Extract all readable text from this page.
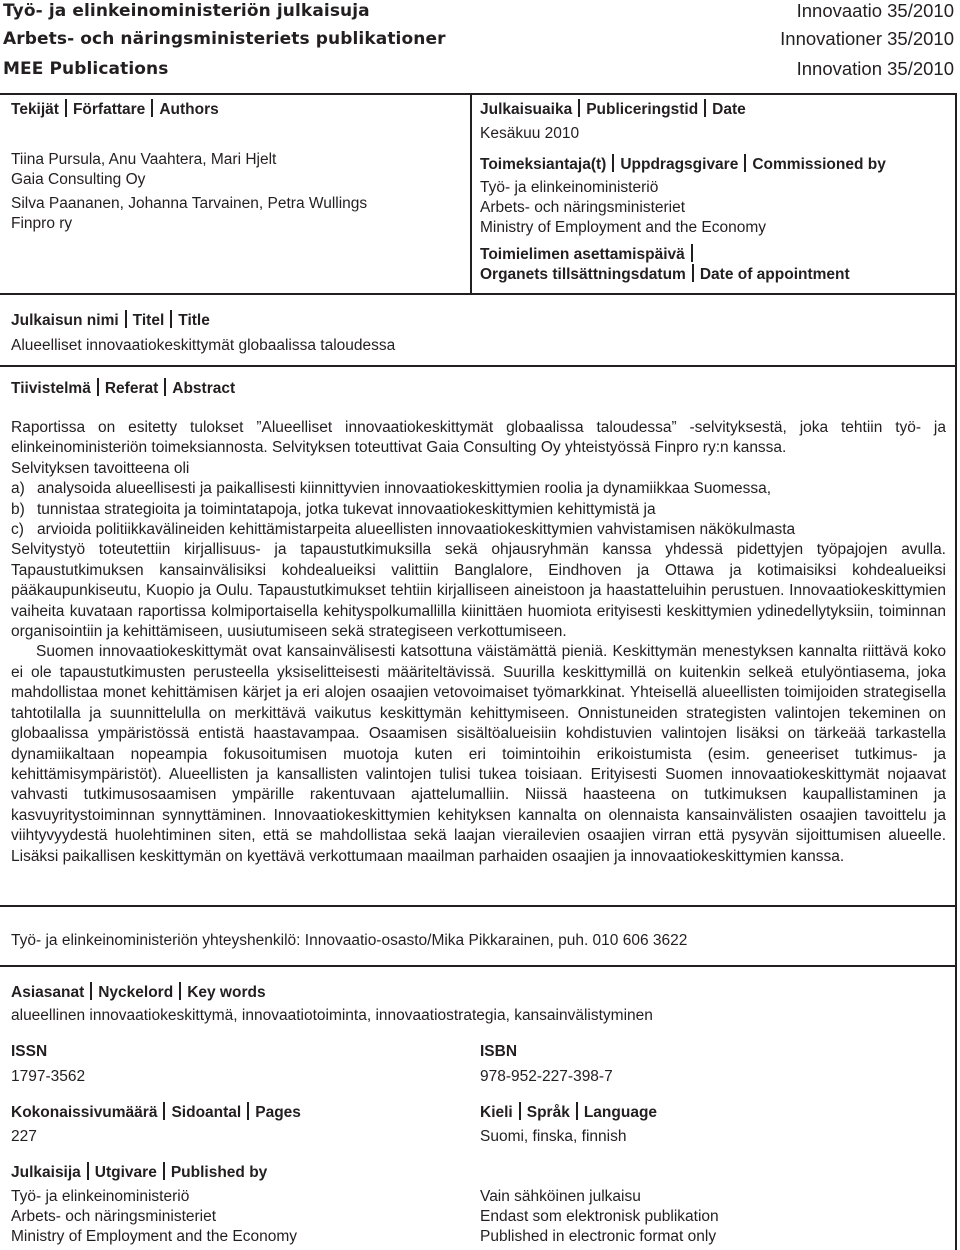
Työ- ja elinkeinoministeriön julkaisuja	Innovaatio 35/2010
Arbets- och näringsministeriets publikationer	Innovationer 35/2010
MEE Publications	Innovation 35/2010
Tekijät Författare Authors
Tiina Pursula, Anu Vaahtera, Mari Hjelt
Gaia Consulting Oy
Silva Paananen, Johanna Tarvainen, Petra Wullings
Finpro ry
Julkaisuaika Publiceringstid Date
Kesäkuu 2010
Toimeksiantaja(t) Uppdragsgivare Commissioned by
Työ- ja elinkeinoministeriö
Arbets- och näringsministeriet
Ministry of Employment and the Economy
Toimielimen asettamispäivä
Organets tillsättningsdatum Date of appointment
Julkaisun nimi Titel Title
Alueelliset innovaatiokeskittymät globaalissa taloudessa
Tiivistelmä Referat Abstract

Raportissa on esitetty tulokset ”Alueelliset innovaatiokeskittymät globaalissa taloudessa” -selvityksestä, joka tehtiin työ- ja elinkeinoministeriön toimeksiannosta. Selvityksen toteuttivat Gaia Consulting Oy yhteistyössä Finpro ry:n kanssa.

Selvityksen tavoitteena oli

a) analysoida alueellisesti ja paikallisesti kiinnittyvien innovaatiokeskittymien roolia ja dynamiikkaa Suomessa,
b) tunnistaa strategioita ja toimintatapoja, jotka tukevat innovaatiokeskittymien kehittymistä ja
c) arvioida politiikkavälineiden kehittämistarpeita alueellisten innovaatiokeskittymien vahvistamisen näkökulmasta

Selvitystyö toteutettiin kirjallisuus- ja tapaustutkimuksilla sekä ohjausryhmän kanssa yhdessä pidettyjen työpajojen avulla. Tapaustutkimuksen kansainvälisiksi kohdealueiksi valittiin Banglalore, Eindhoven ja Ottawa ja kotimaisiksi kohdealueiksi pääkaupunkiseutu, Kuopio ja Oulu. Tapaustutkimukset tehtiin kirjalliseen aineistoon ja haastatteluihin perustuen. Innovaatiokeskittymien vaiheita kuvataan raportissa kolmiportaisella kehityspolkumallilla kiinittäen huomiota erityisesti keskittymien ydinedellytyksiin, toiminnan organisointiin ja kehittämiseen, uusiutumiseen sekä strategiseen verkottumiseen.

Suomen innovaatiokeskittymät ovat kansainvälisesti katsottuna väistämättä pieniä. Keskittymän menestyksen kannalta riittävä koko ei ole tapaustutkimusten perusteella yksiselitteisesti määriteltävissä. Suurilla keskittymillä on kuitenkin selkeä etulyöntiasema, joka mahdollistaa monet kehittämisen kärjet ja eri alojen osaajien vetovoimaiset työmarkkinat. Yhteisellä alueellisten toimijoiden strategisella tahtotilalla ja suunnittelulla on merkittävä vaikutus keskittymän kehittymiseen. Onnistuneiden strategisten valintojen tekeminen on globaalissa ympäristössä entistä haastavampaa. Osaamisen sisältöalueisiin kohdistuvien valintojen lisäksi on tärkeää tarkastella dynamiikaltaan nopeampia fokusoitumisen muotoja kuten eri toimintoihin erikoistumista (esim. geneeriset tutkimus- ja kehittämisympäristöt). Alueellisten ja kansallisten valintojen tulisi tukea toisiaan. Erityisesti Suomen innovaatiokeskittymät nojaavat vahvasti tutkimusosaamisen ympärille rakentuvaan ajattelumalliin. Niissä haasteena on tutkimuksen kaupallistaminen ja kasvuyritystoiminnan synnyttäminen. Innovaatiokeskittymien kehityksen kannalta on olennaista kansainvälisten osaajien tavoittelu ja viihtyvyydestä huolehtiminen siten, että se mahdollistaa sekä laajan vierailevien osaajien virran että pysyvän sijoittumisen alueelle. Lisäksi paikallisen keskittymän on kyettävä verkottumaan maailman parhaiden osaajien ja innovaatiokeskittymien kanssa.

Työ- ja elinkeinoministeriön yhteyshenkilö: Innovaatio-osasto/Mika Pikkarainen, puh. 010 606 3622
Asiasanat Nyckelord Key words
alueellinen innovaatiokeskittymä, innovaatiotoiminta, innovaatiostrategia, kansainvälistyminen
ISSN
1797-3562
ISBN
978-952-227-398-7
Kokonaissivumäärä Sidoantal Pages
227
Kieli Språk Language
Suomi, finska, finnish
Julkaisija Utgivare Published by
Työ- ja elinkeinoministeriö
Arbets- och näringsministeriet
Ministry of Employment and the Economy
Vain sähköinen julkaisu
Endast som elektronisk publikation
Published in electronic format only
